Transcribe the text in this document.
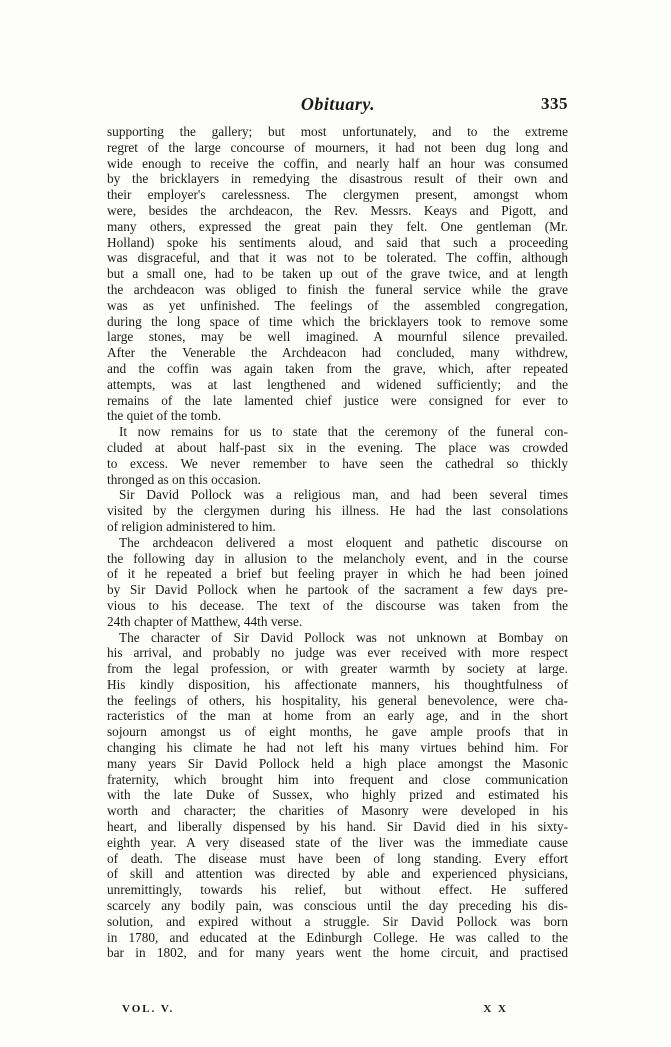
Obituary.	335
supporting the gallery; but most unfortunately, and to the extreme
regret of the large concourse of mourners, it had not been dug long and
wide enough to receive the coffin, and nearly half an hour was consumed
by the bricklayers in remedying the disastrous result of their own and
their employer's carelessness. The clergymen present, amongst whom
were, besides the archdeacon, the Rev. Messrs. Keays and Pigott, and
many others, expressed the great pain they felt. One gentleman (Mr.
Holland) spoke his sentiments aloud, and said that such a proceeding
was disgraceful, and that it was not to be tolerated. The coffin, although
but a small one, had to be taken up out of the grave twice, and at length
the archdeacon was obliged to finish the funeral service while the grave
was as yet unfinished. The feelings of the assembled congregation,
during the long space of time which the bricklayers took to remove some
large stones, may be well imagined. A mournful silence prevailed.
After the Venerable the Archdeacon had concluded, many withdrew,
and the coffin was again taken from the grave, which, after repeated
attempts, was at last lengthened and widened sufficiently; and the
remains of the late lamented chief justice were consigned for ever to
the quiet of the tomb.
It now remains for us to state that the ceremony of the funeral con-
cluded at about half-past six in the evening. The place was crowded
to excess. We never remember to have seen the cathedral so thickly
thronged as on this occasion.
Sir David Pollock was a religious man, and had been several times
visited by the clergymen during his illness. He had the last consolations
of religion administered to him.
The archdeacon delivered a most eloquent and pathetic discourse on
the following day in allusion to the melancholy event, and in the course
of it he repeated a brief but feeling prayer in which he had been joined
by Sir David Pollock when he partook of the sacrament a few days pre-
vious to his decease. The text of the discourse was taken from the
24th chapter of Matthew, 44th verse.
The character of Sir David Pollock was not unknown at Bombay on
his arrival, and probably no judge was ever received with more respect
from the legal profession, or with greater warmth by society at large.
His kindly disposition, his affectionate manners, his thoughtfulness of
the feelings of others, his hospitality, his general benevolence, were cha-
racteristics of the man at home from an early age, and in the short
sojourn amongst us of eight months, he gave ample proofs that in
changing his climate he had not left his many virtues behind him. For
many years Sir David Pollock held a high place amongst the Masonic
fraternity, which brought him into frequent and close communication
with the late Duke of Sussex, who highly prized and estimated his
worth and character; the charities of Masonry were developed in his
heart, and liberally dispensed by his hand. Sir David died in his sixty-
eighth year. A very diseased state of the liver was the immediate cause
of death. The disease must have been of long standing. Every effort
of skill and attention was directed by able and experienced physicians,
unremittingly, towards his relief, but without effect. He suffered
scarcely any bodily pain, was conscious until the day preceding his dis-
solution, and expired without a struggle. Sir David Pollock was born
in 1780, and educated at the Edinburgh College. He was called to the
bar in 1802, and for many years went the home circuit, and practised
VOL. V.	X X
